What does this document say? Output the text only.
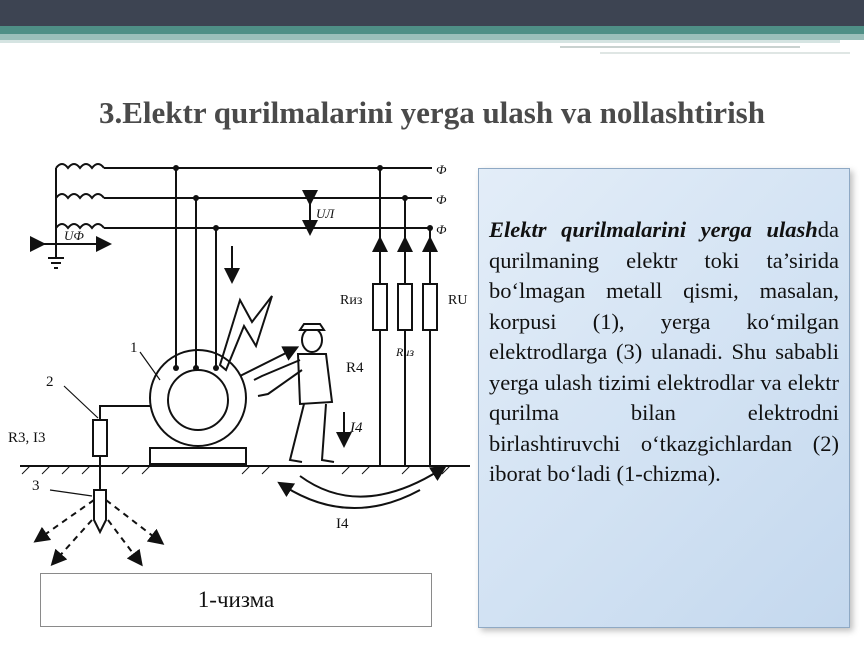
3.Elektr qurilmalarini yerga ulash va nollashtirish
Ф
Ф
Ф
UФ
UЛ
Rиз
Rиз
RU
R4
I4
I4
1
2
3
R3, I3
1-чизма
Elektr qurilmalarini yerga ulashda qurilmaning elektr toki ta’sirida bo‘lmagan metall qismi, masalan, korpusi (1), yerga ko‘milgan elektrodlarga (3) ulanadi. Shu sababli yerga ulash tizimi elektrodlar va elektr qurilma bilan elektrodni birlashtiruvchi o‘tkazgichlardan (2) iborat bo‘ladi (1-chizma).
